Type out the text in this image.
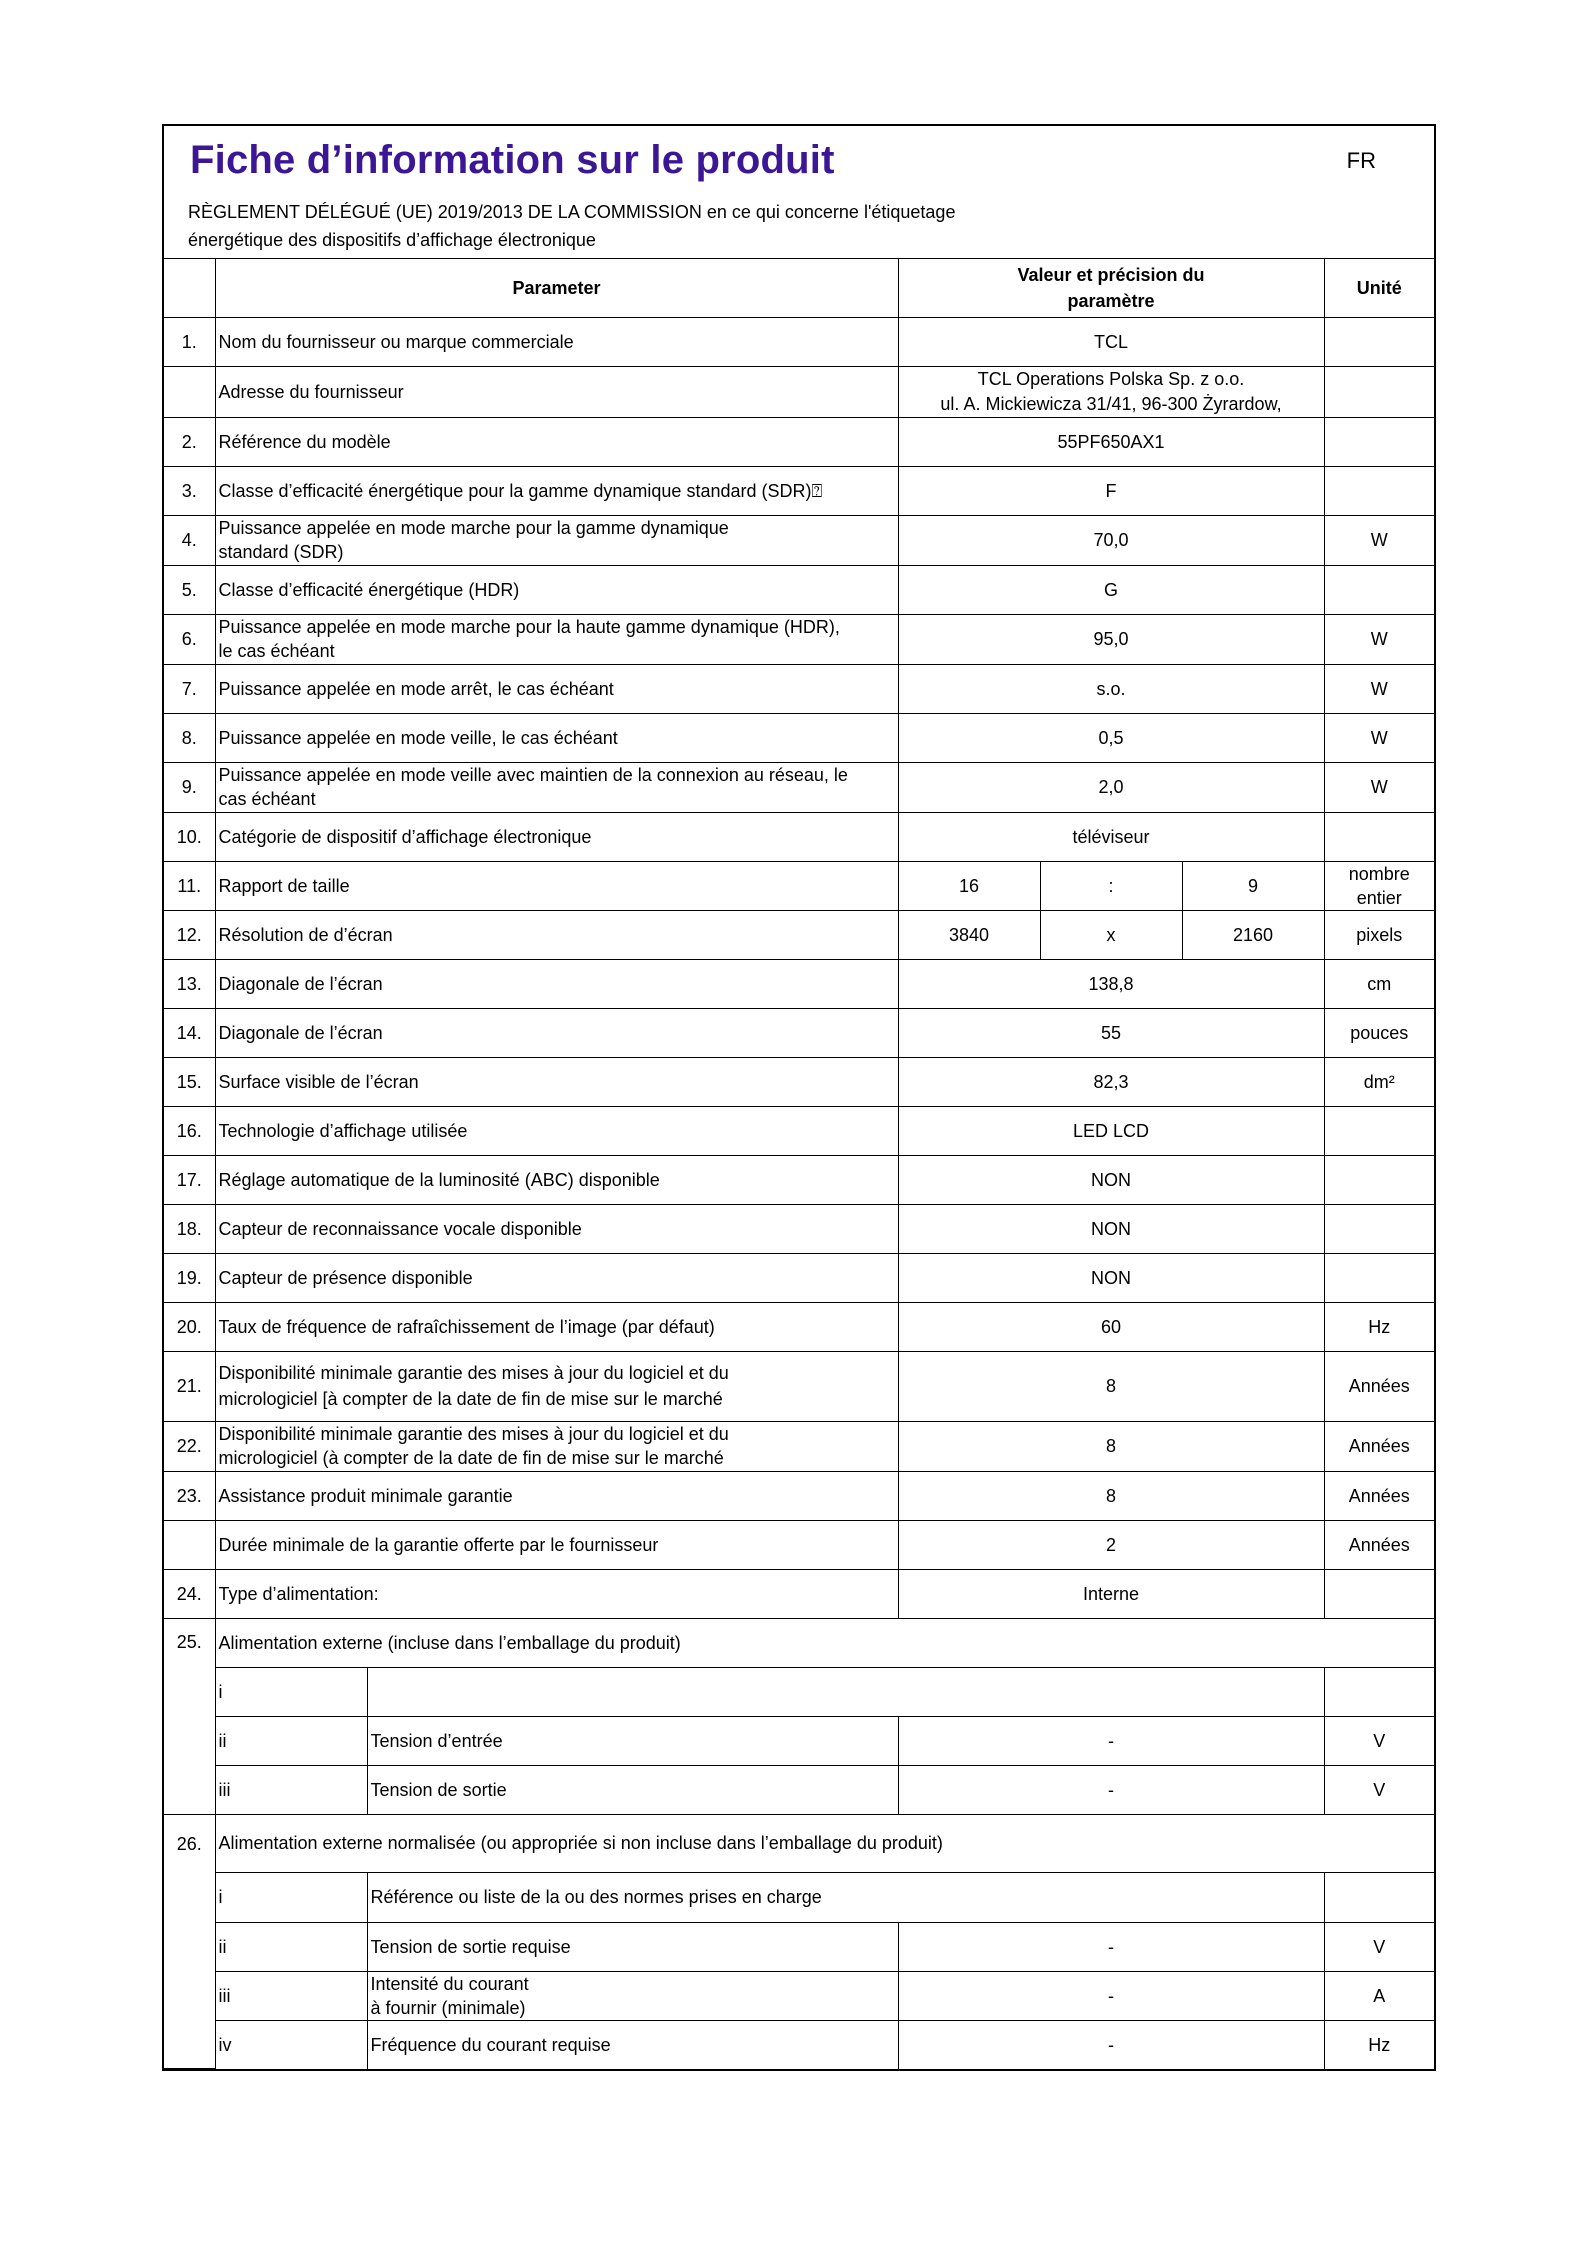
Fiche d’information sur le produit	FR
RÈGLEMENT DÉLÉGUÉ (UE) 2019/2013 DE LA COMMISSION en ce qui concerne l'étiquetage
énergétique des dispositifs d’affichage électronique
	Parameter		Valeur et précision du
paramètre			Unité
1.	Nom du fournisseur ou marque commerciale		TCL			
	Adresse du fournisseur		TCL Operations Polska Sp. z o.o.
ul. A. Mickiewicza 31/41, 96-300 Żyrardow,			

2.	Référence du modèle		55PF650AX1			
3.	Classe d’efficacité énergétique pour la gamme dynamique standard (SDR)⍰		F			
4.	Puissance appelée en mode marche pour la gamme dynamique
standard (SDR)		70,0			W
5.	Classe d’efficacité énergétique (HDR)		G			
6.	Puissance appelée en mode marche pour la haute gamme dynamique (HDR),
le cas échéant		95,0			W
7.	Puissance appelée en mode arrêt, le cas échéant		s.o.			W
8.	Puissance appelée en mode veille, le cas échéant		0,5			W
9.	Puissance appelée en mode veille avec maintien de la connexion au réseau, le
cas échéant		2,0			W
10.	Catégorie de dispositif d’affichage électronique		téléviseur			
11.	Rapport de taille		16	:	9	nombre
entier

12.	Résolution de d’écran		3840	x	2160	pixels
13.	Diagonale de l’écran		138,8			cm
14.	Diagonale de l’écran		55			pouces
15.	Surface visible de l’écran		82,3			dm²
16.	Technologie d’affichage utilisée		LED LCD			
17.	Réglage automatique de la luminosité (ABC) disponible		NON			
18.	Capteur de reconnaissance vocale disponible		NON			
19.	Capteur de présence disponible		NON			
20.	Taux de fréquence de rafraîchissement de l’image (par défaut)		60			Hz
21.	Disponibilité minimale garantie des mises à jour du logiciel et du
micrologiciel [à compter de la date de fin de mise sur le marché		8			Années
22.	Disponibilité minimale garantie des mises à jour du logiciel et du
micrologiciel (à compter de la date de fin de mise sur le marché		8			Années
23.	Assistance produit minimale garantie		8			Années
	Durée minimale de la garantie offerte par le fournisseur		2			Années
24.	Type d’alimentation:		Interne			
25.	Alimentation externe (incluse dans l’emballage du produit)					
	i					
	ii	Tension d’entrée	-			V
	iii	Tension de sortie	-			V
26.	Alimentation externe normalisée (ou appropriée si non incluse dans l’emballage du produit)					
	i	Référence ou liste de la ou des normes prises en charge				
	ii	Tension de sortie requise	-			V
	iii	Intensité du courant
à fournir (minimale)	-			A
	iv	Fréquence du courant requise	-			Hz
